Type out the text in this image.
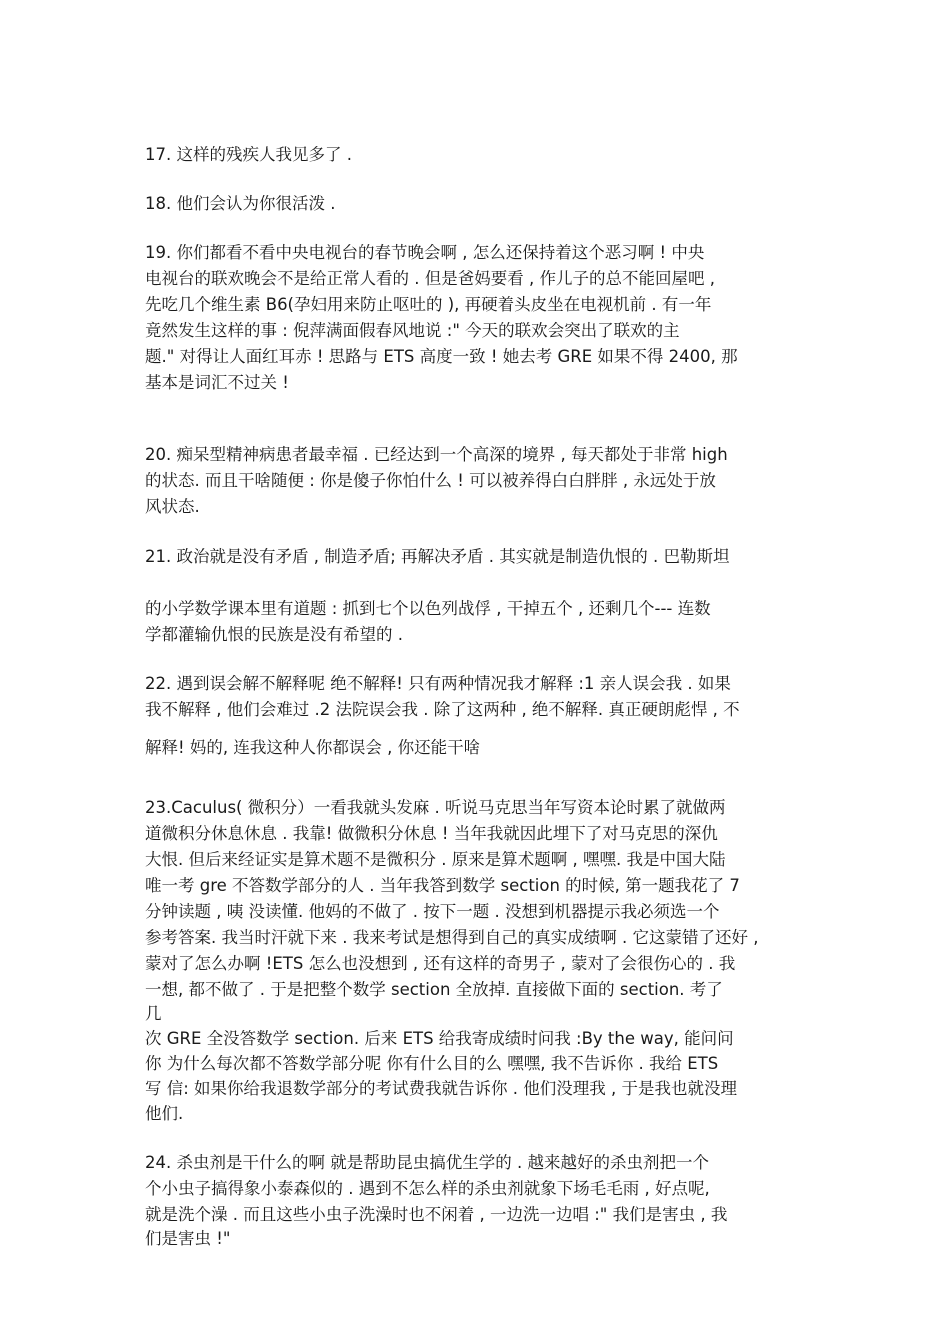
17. 这样的残疾人我见多了 .
18. 他们会认为你很活泼 .
19. 你们都看不看中央电视台的春节晚会啊 , 怎么还保持着这个恶习啊 ! 中央
电视台的联欢晚会不是给正常人看的 . 但是爸妈要看 , 作儿子的总不能回屋吧 ,
先吃几个维生素 B6(孕妇用来防止呕吐的 ), 再硬着头皮坐在电视机前 . 有一年
竟然发生这样的事 : 倪萍满面假春风地说 :" 今天的联欢会突出了联欢的主
题." 对得让人面红耳赤 ! 思路与 ETS 高度一致 ! 她去考 GRE 如果不得 2400, 那
基本是词汇不过关 !
20. 痴呆型精神病患者最幸福 . 已经达到一个高深的境界 , 每天都处于非常 high
的状态. 而且干啥随便 : 你是傻子你怕什么 ! 可以被养得白白胖胖 , 永远处于放
风状态.
21. 政治就是没有矛盾 , 制造矛盾; 再解决矛盾 . 其实就是制造仇恨的 . 巴勒斯坦
的小学数学课本里有道题 : 抓到七个以色列战俘 , 干掉五个 , 还剩几个--- 连数
学都灌输仇恨的民族是没有希望的 .
22. 遇到误会解不解释呢 绝不解释! 只有两种情况我才解释 :1 亲人误会我 . 如果
我不解释 , 他们会难过 .2 法院误会我 . 除了这两种 , 绝不解释. 真正硬朗彪悍 , 不
解释! 妈的, 连我这种人你都误会 , 你还能干啥
23.Caculus( 微积分）一看我就头发麻 . 听说马克思当年写资本论时累了就做两
道微积分休息休息 . 我靠! 做微积分休息 ! 当年我就因此埋下了对马克思的深仇
大恨. 但后来经证实是算术题不是微积分 . 原来是算术题啊 , 嘿嘿. 我是中国大陆
唯一考 gre 不答数学部分的人 . 当年我答到数学 section 的时候, 第一题我花了 7
分钟读题 , 咦 没读懂. 他妈的不做了 . 按下一题 . 没想到机器提示我必须选一个
参考答案. 我当时汗就下来 . 我来考试是想得到自己的真实成绩啊 . 它这蒙错了还好 ,
蒙对了怎么办啊 !ETS 怎么也没想到 , 还有这样的奇男子 , 蒙对了会很伤心的 . 我
一想, 都不做了 . 于是把整个数学 section 全放掉. 直接做下面的 section. 考了
几
次 GRE 全没答数学 section. 后来 ETS 给我寄成绩时问我 :By the way, 能问问
你 为什么每次都不答数学部分呢 你有什么目的么 嘿嘿, 我不告诉你 . 我给 ETS
写 信: 如果你给我退数学部分的考试费我就告诉你 . 他们没理我 , 于是我也就没理
他们.
24. 杀虫剂是干什么的啊 就是帮助昆虫搞优生学的 . 越来越好的杀虫剂把一个
个小虫子搞得象小泰森似的 . 遇到不怎么样的杀虫剂就象下场毛毛雨 , 好点呢,
就是洗个澡 . 而且这些小虫子洗澡时也不闲着 , 一边洗一边唱 :" 我们是害虫 , 我
们是害虫 !"
